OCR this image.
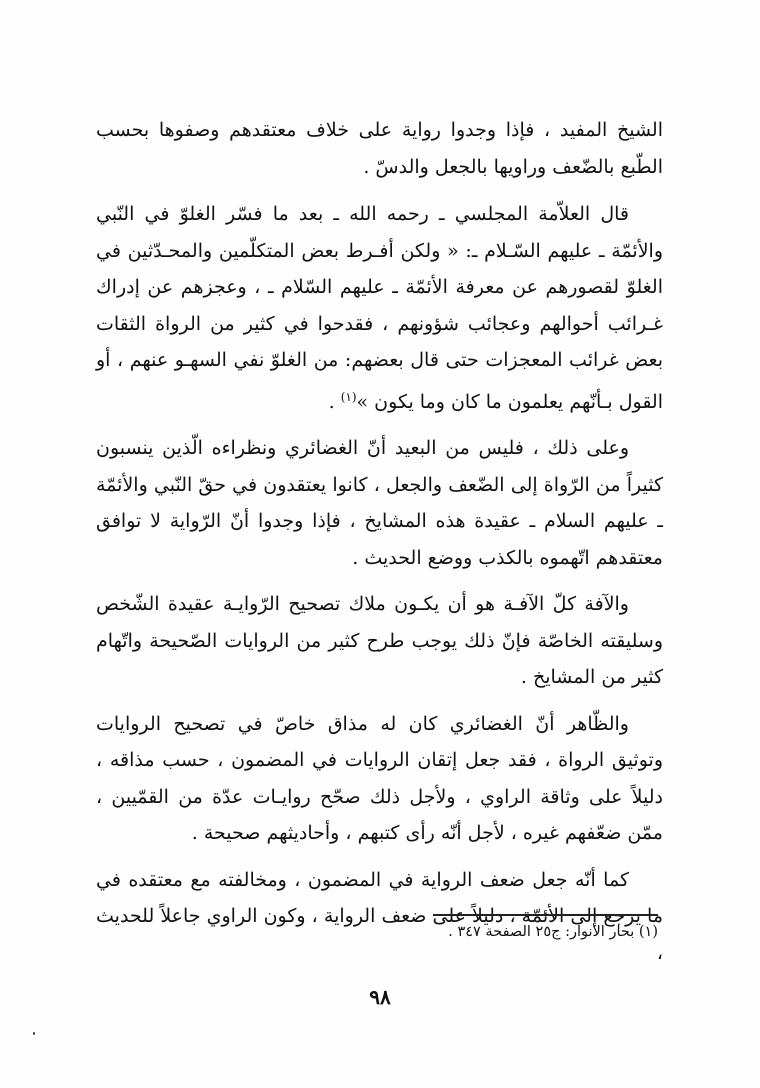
الشيخ المفيد ، فإذا وجدوا رواية على خلاف معتقدهم وصفوها بحسب الطّبع بالضّعف وراويها بالجعل والدسّ .

قال العلاّمة المجلسي ـ رحمه الله ـ بعد ما فسّر الغلوّ في النّبي والأئمّة ـ عليهم السّـلام ـ: « ولكن أفـرط بعض المتكلّمين والمحـدّثين في الغلوّ لقصورهم عن معرفة الأئمّة ـ عليهم السّلام ـ ، وعجزهم عن إدراك غـرائب أحوالهم وعجائب شؤونهم ، فقدحوا في كثير من الرواة الثقات بعض غرائب المعجزات حتى قال بعضهم: من الغلوّ نفي السهـو عنهم ، أو القول بـأنّهم يعلمون ما كان وما يكون »$^{(١)}$ .

وعلى ذلك ، فليس من البعيد أنّ الغضائري ونظراءه الّذين ينسبون كثيراً من الرّواة إلى الضّعف والجعل ، كانوا يعتقدون في حقّ النّبي والأئمّة ـ عليهم السلام ـ عقيدة هذه المشايخ ، فإذا وجدوا أنّ الرّواية لا توافق معتقدهم اتّهموه بالكذب ووضع الحديث .

والآفة كلّ الآفـة هو أن يكـون ملاك تصحيح الرّوايـة عقيدة الشّخص وسليقته الخاصّة فإنّ ذلك يوجب طرح كثير من الروايات الصّحيحة واتّهام كثير من المشايخ .

والظّاهر أنّ الغضائري كان له مذاق خاصّ في تصحيح الروايات وتوثيق الرواة ، فقد جعل إتقان الروايات في المضمون ، حسب مذاقه ، دليلاً على وثاقة الراوي ، ولأجل ذلك صحّح روايـات عدّة من القمّيين ، ممّن ضعّفهم غيره ، لأجل أنّه رأى كتبهم ، وأحاديثهم صحيحة .

كما أنّه جعل ضعف الرواية في المضمون ، ومخالفته مع معتقده في ما يرجع إلى الأئمّة ، دليلاً على ضعف الرواية ، وكون الراوي جاعلاً للحديث ،

(١) بحار الانوار: ج٢٥ الصفحة ٣٤٧ .
٩٨
